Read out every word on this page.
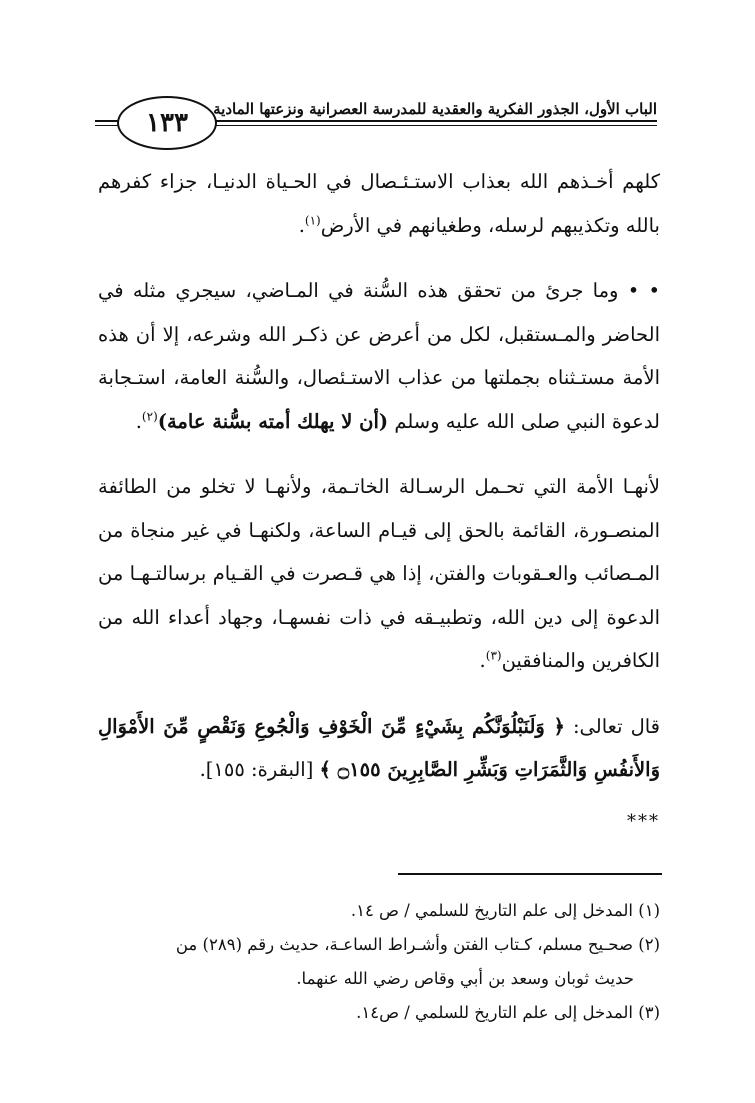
الباب الأول، الجذور الفكرية والعقدية للمدرسة العصرانية ونزعتها المادية
١٣٣

كلهم أخـذهم الله بعذاب الاستـئـصال في الحـياة الدنيـا، جزاء كفرهم بالله وتكذيبهم لرسله، وطغيانهم في الأرض$^{(١)}$.

• • وما جرئ من تحقق هذه السُّنة في المـاضي، سيجري مثله في الحاضر والمـستقبل، لكل من أعرض عن ذكـر الله وشرعه، إلا أن هذه الأمة مستـثناه بجملتها من عذاب الاستـئصال، والسُّنة العامة، استـجابة لدعوة النبي صلى الله عليه وسلم (أن لا يهلك أمته بسُّنة عامة)$^{(٢)}$.

لأنهـا الأمة التي تحـمل الرسـالة الخاتـمة، ولأنهـا لا تخلو من الطائفة المنصـورة، القائمة بالحق إلى قيـام الساعة، ولكنهـا في غير منجاة من المـصائب والعـقوبات والفتن، إذا هي قـصرت في القـيام برسالتـهـا من الدعوة إلى دين الله، وتطبيـقه في ذات نفسهـا، وجهاد أعداء الله من الكافرين والمنافقين$^{(٣)}$.

قال تعالى: ﴿ وَلَنَبْلُوَنَّكُم بِشَيْءٍ مِّنَ الْخَوْفِ وَالْجُوعِ وَنَقْصٍ مِّنَ الأَمْوَالِ وَالأَنفُسِ وَالثَّمَرَاتِ وَبَشِّرِ الصَّابِرِينَ ۝١٥٥ ﴾ [البقرة: ١٥٥].

***

(١) المدخل إلى علم التاريخ للسلمي / ص ١٤.

(٢) صحـيح مسلم، كـتاب الفتن وأشـراط الساعـة، حديث رقم (٢٨٩) من
حديث ثوبان وسعد بن أبي وقاص رضي الله عنهما.

(٣) المدخل إلى علم التاريخ للسلمي / ص١٤.
